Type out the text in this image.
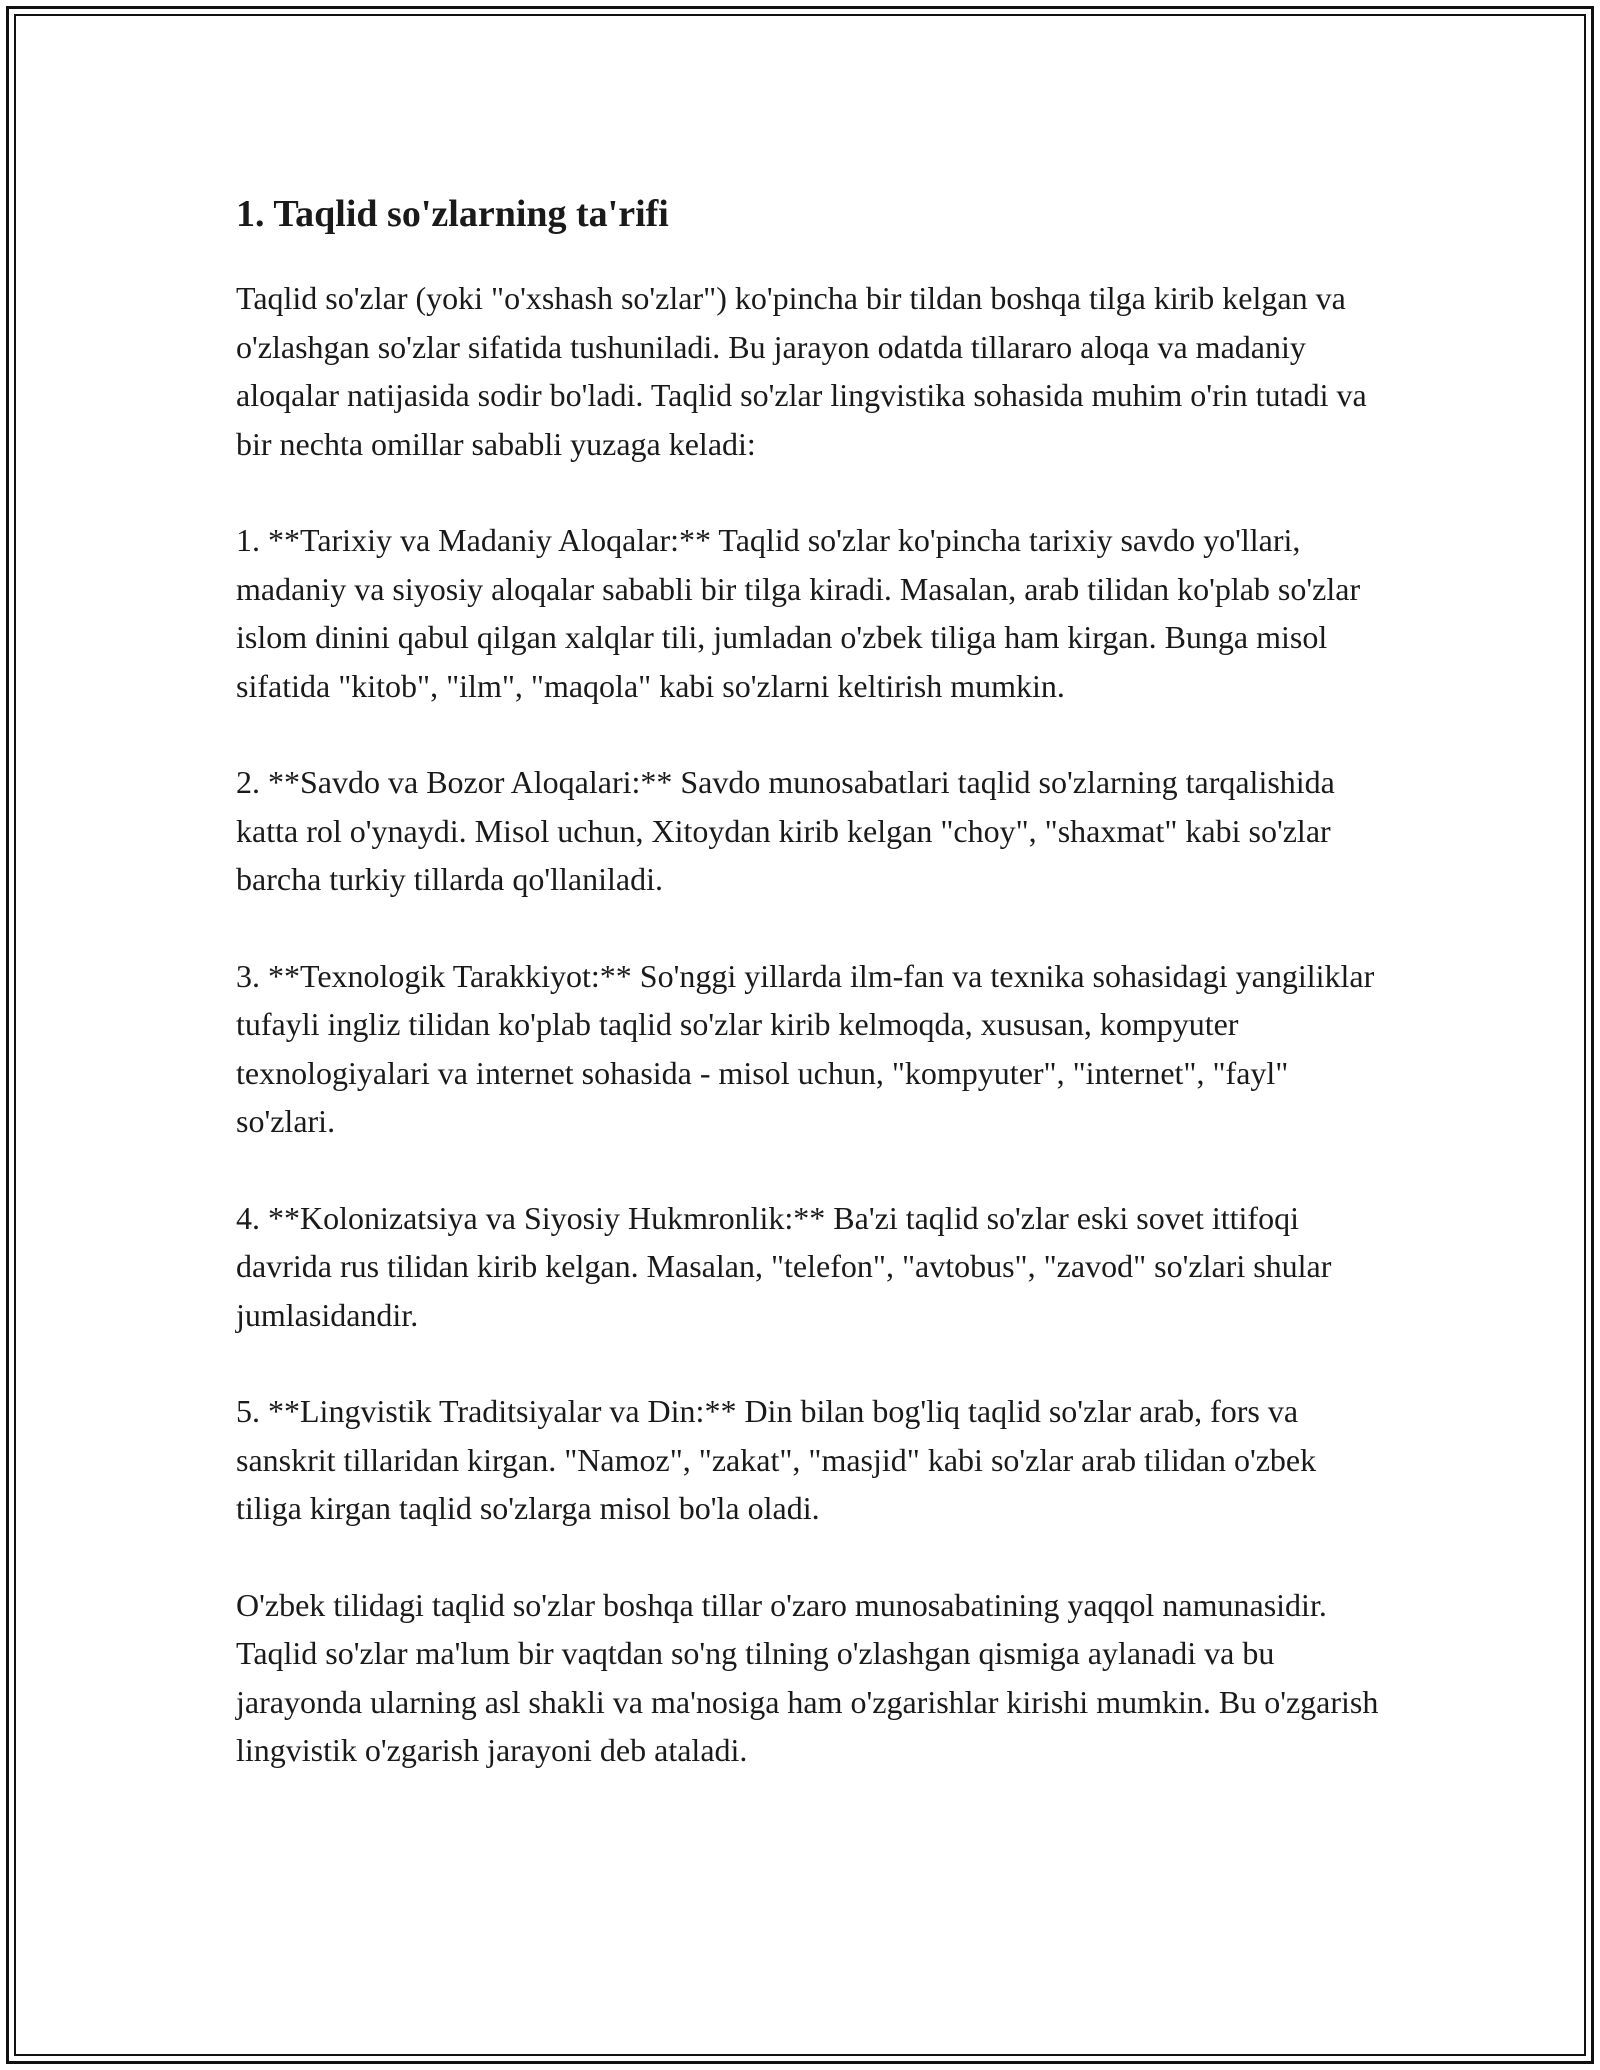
1. Taqlid so'zlarning ta'rifi

Taqlid so'zlar (yoki "o'xshash so'zlar") ko'pincha bir tildan boshqa tilga kirib kelgan va o'zlashgan so'zlar sifatida tushuniladi. Bu jarayon odatda tillararo aloqa va madaniy aloqalar natijasida sodir bo'ladi. Taqlid so'zlar lingvistika sohasida muhim o'rin tutadi va bir nechta omillar sababli yuzaga keladi:

1. **Tarixiy va Madaniy Aloqalar:** Taqlid so'zlar ko'pincha tarixiy savdo yo'llari, madaniy va siyosiy aloqalar sababli bir tilga kiradi. Masalan, arab tilidan ko'plab so'zlar islom dinini qabul qilgan xalqlar tili, jumladan o'zbek tiliga ham kirgan. Bunga misol sifatida "kitob", "ilm", "maqola" kabi so'zlarni keltirish mumkin.

2. **Savdo va Bozor Aloqalari:** Savdo munosabatlari taqlid so'zlarning tarqalishida katta rol o'ynaydi. Misol uchun, Xitoydan kirib kelgan "choy", "shaxmat" kabi so'zlar barcha turkiy tillarda qo'llaniladi.

3. **Texnologik Tarakkiyot:** So'nggi yillarda ilm-fan va texnika sohasidagi yangiliklar tufayli ingliz tilidan ko'plab taqlid so'zlar kirib kelmoqda, xususan, kompyuter texnologiyalari va internet sohasida - misol uchun, "kompyuter", "internet", "fayl" so'zlari.

4. **Kolonizatsiya va Siyosiy Hukmronlik:** Ba'zi taqlid so'zlar eski sovet ittifoqi davrida rus tilidan kirib kelgan. Masalan, "telefon", "avtobus", "zavod" so'zlari shular jumlasidandir.

5. **Lingvistik Traditsiyalar va Din:** Din bilan bog'liq taqlid so'zlar arab, fors va sanskrit tillaridan kirgan. "Namoz", "zakat", "masjid" kabi so'zlar arab tilidan o'zbek tiliga kirgan taqlid so'zlarga misol bo'la oladi.

O'zbek tilidagi taqlid so'zlar boshqa tillar o'zaro munosabatining yaqqol namunasidir. Taqlid so'zlar ma'lum bir vaqtdan so'ng tilning o'zlashgan qismiga aylanadi va bu jarayonda ularning asl shakli va ma'nosiga ham o'zgarishlar kirishi mumkin. Bu o'zgarish lingvistik o'zgarish jarayoni deb ataladi.
